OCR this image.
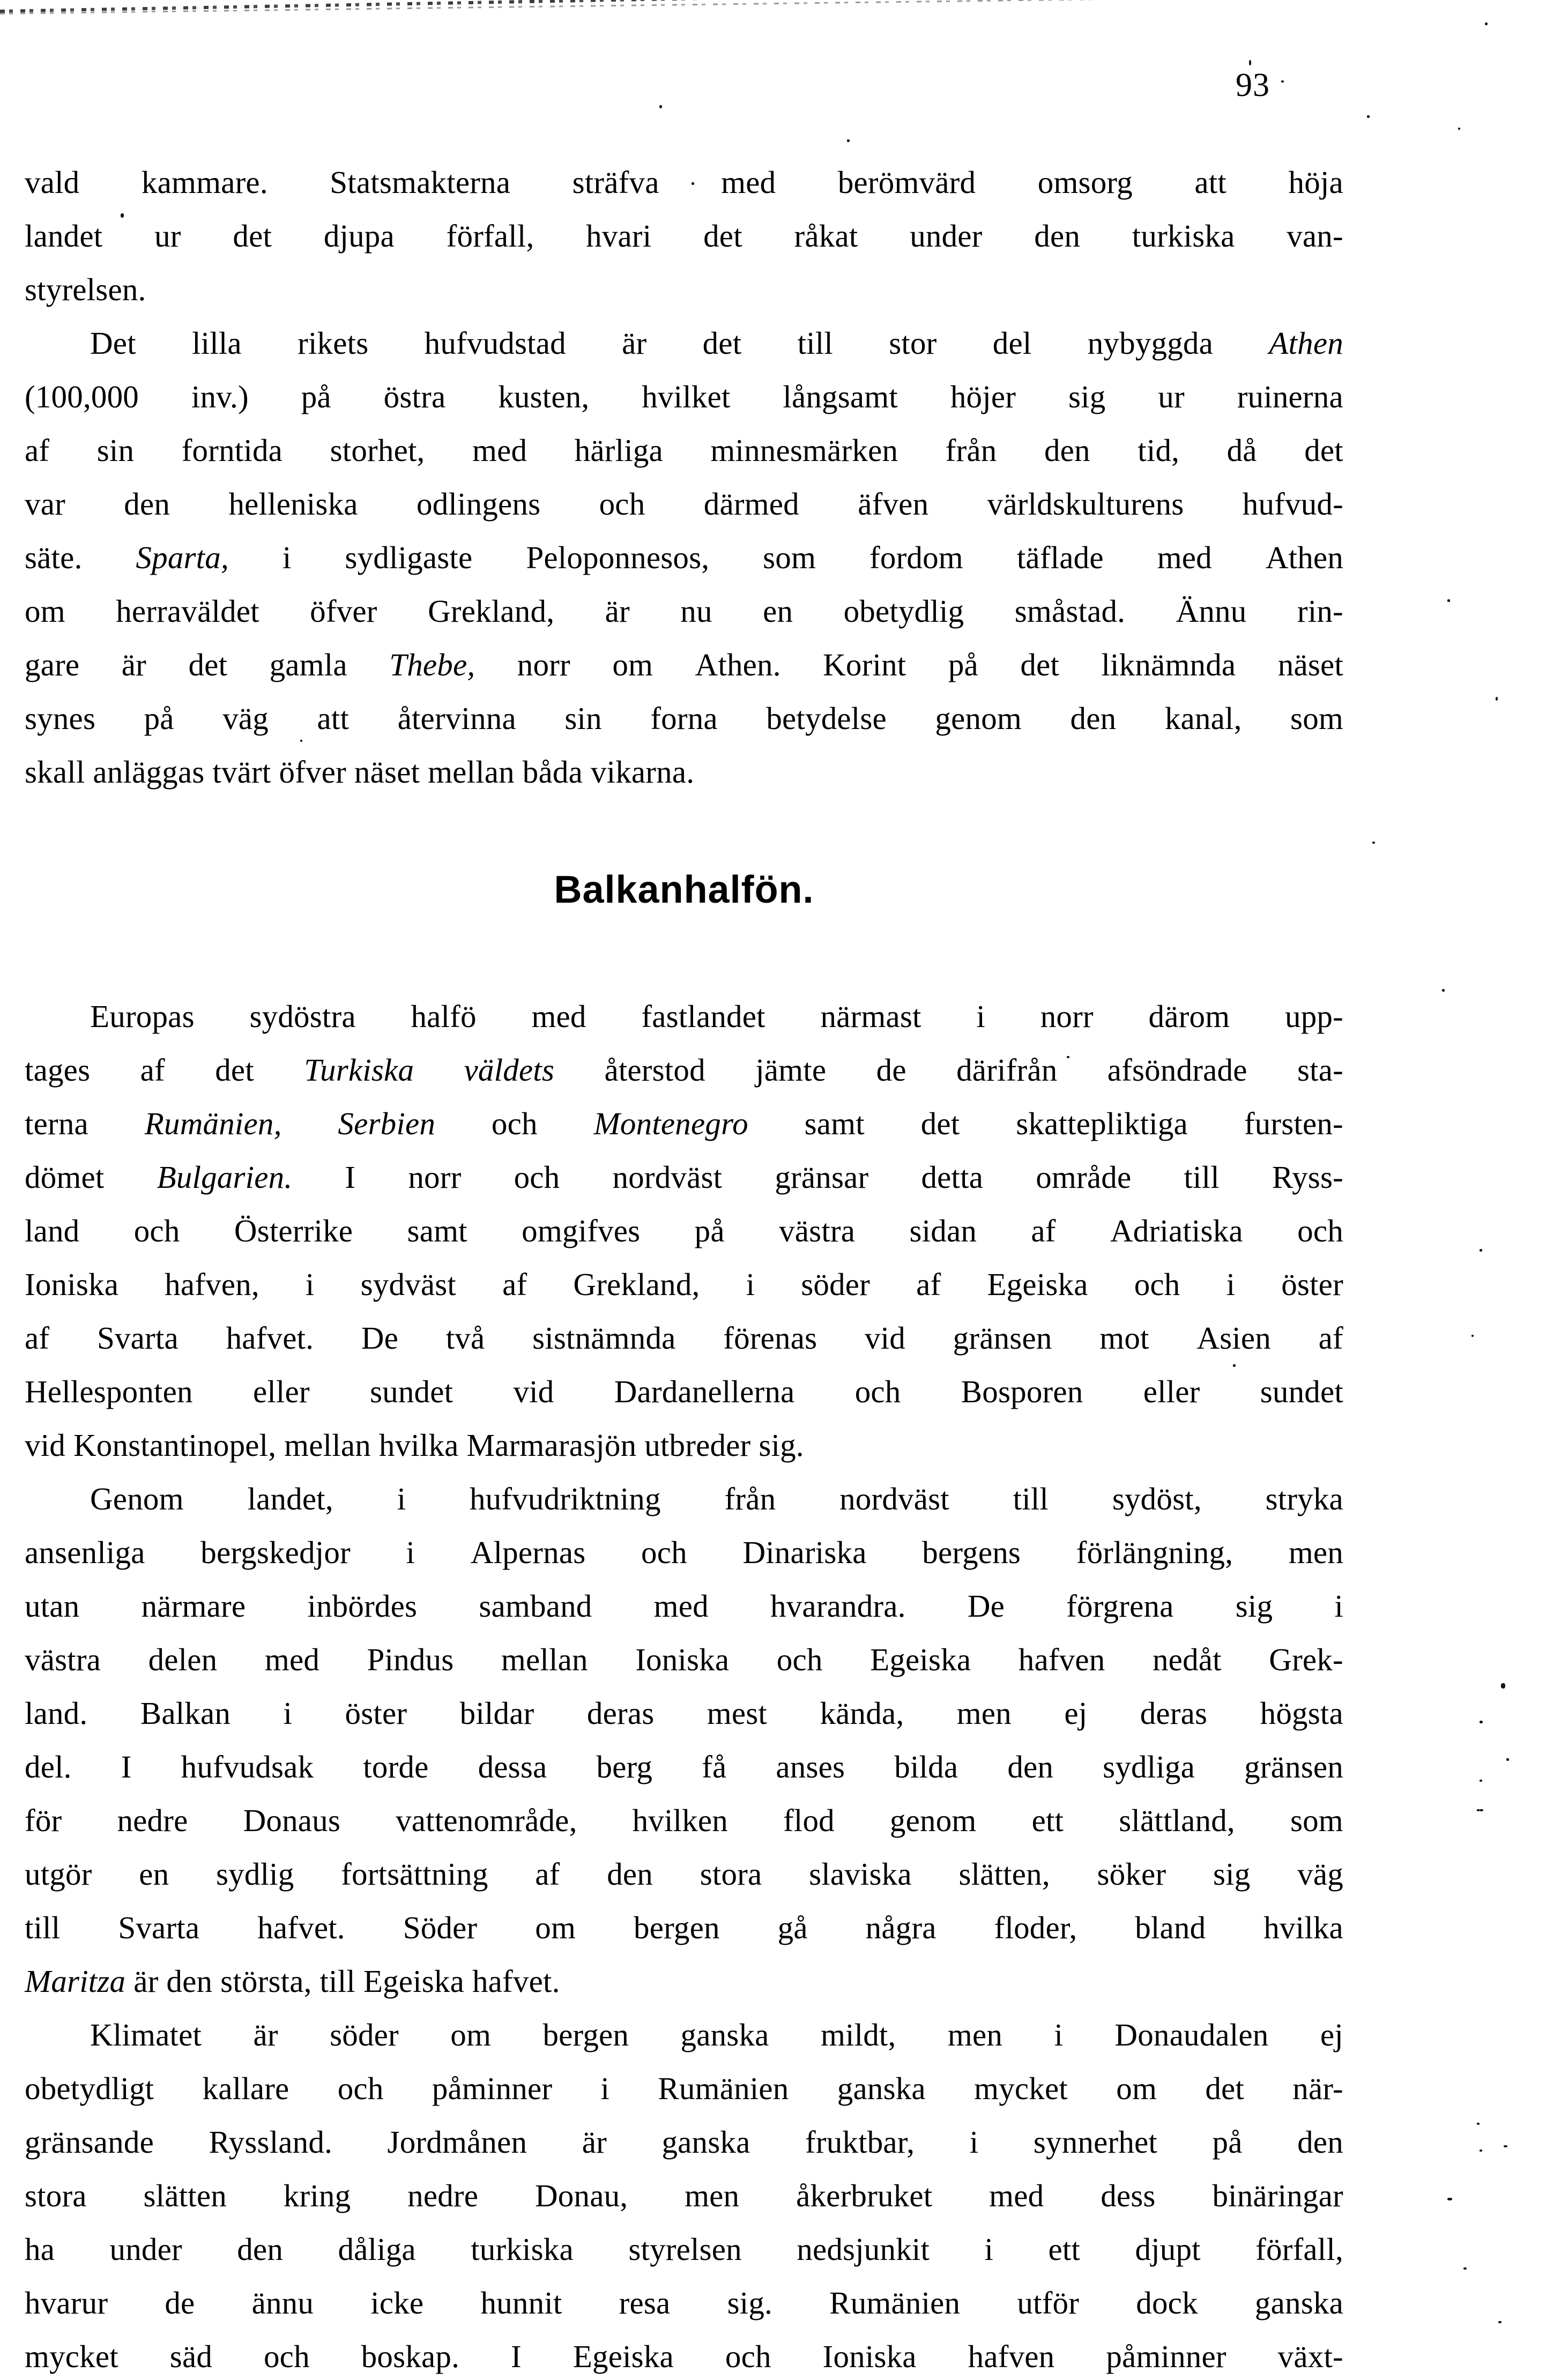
93
vald kammare. Statsmakterna sträfva med berömvärd omsorg att höja
landet ur det djupa förfall, hvari det råkat under den turkiska van-
styrelsen.
Det lilla rikets hufvudstad är det till stor del nybyggda Athen
(100,000 inv.) på östra kusten, hvilket långsamt höjer sig ur ruinerna
af sin forntida storhet, med härliga minnesmärken från den tid, då det
var den helleniska odlingens och därmed äfven världskulturens hufvud-
säte. Sparta, i sydligaste Peloponnesos, som fordom täflade med Athen
om herraväldet öfver Grekland, är nu en obetydlig småstad. Ännu rin-
gare är det gamla Thebe, norr om Athen. Korint på det liknämnda näset
synes på väg att återvinna sin forna betydelse genom den kanal, som
skall anläggas tvärt öfver näset mellan båda vikarna.
Balkanhalfön.
Europas sydöstra halfö med fastlandet närmast i norr därom upp-
tages af det Turkiska väldets återstod jämte de därifrån afsöndrade sta-
terna Rumänien, Serbien och Montenegro samt det skattepliktiga fursten-
dömet Bulgarien. I norr och nordväst gränsar detta område till Ryss-
land och Österrike samt omgifves på västra sidan af Adriatiska och
Ioniska hafven, i sydväst af Grekland, i söder af Egeiska och i öster
af Svarta hafvet. De två sistnämnda förenas vid gränsen mot Asien af
Hellesponten eller sundet vid Dardanellerna och Bosporen eller sundet
vid Konstantinopel, mellan hvilka Marmarasjön utbreder sig.
Genom landet, i hufvudriktning från nordväst till sydöst, stryka
ansenliga bergskedjor i Alpernas och Dinariska bergens förlängning, men
utan närmare inbördes samband med hvarandra. De förgrena sig i
västra delen med Pindus mellan Ioniska och Egeiska hafven nedåt Grek-
land. Balkan i öster bildar deras mest kända, men ej deras högsta
del. I hufvudsak torde dessa berg få anses bilda den sydliga gränsen
för nedre Donaus vattenområde, hvilken flod genom ett slättland, som
utgör en sydlig fortsättning af den stora slaviska slätten, söker sig väg
till Svarta hafvet. Söder om bergen gå några floder, bland hvilka
Maritza är den största, till Egeiska hafvet.
Klimatet är söder om bergen ganska mildt, men i Donaudalen ej
obetydligt kallare och påminner i Rumänien ganska mycket om det när-
gränsande Ryssland. Jordmånen är ganska fruktbar, i synnerhet på den
stora slätten kring nedre Donau, men åkerbruket med dess binäringar
ha under den dåliga turkiska styrelsen nedsjunkit i ett djupt förfall,
hvarur de ännu icke hunnit resa sig. Rumänien utför dock ganska
mycket säd och boskap. I Egeiska och Ioniska hafven påminner växt-
